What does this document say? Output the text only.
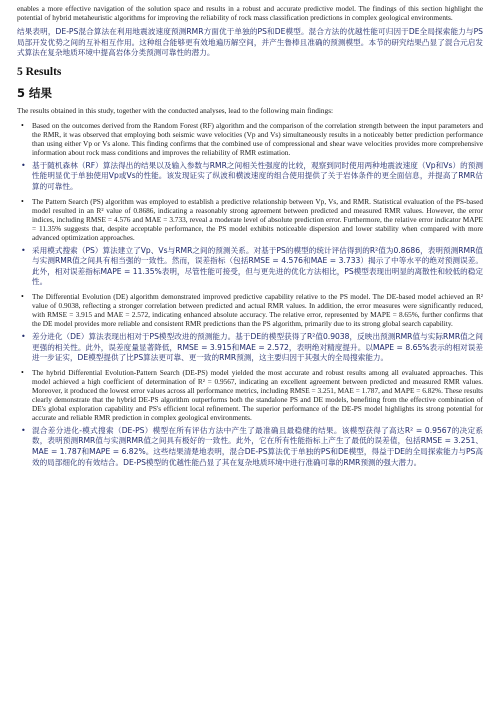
enables a more effective navigation of the solution space and results in a robust and accurate predictive model. The findings of this section highlight the potential of hybrid metaheuristic algorithms for improving the reliability of rock mass classification predictions in complex geological environments.

结果表明，DE-PS混合算法在利用地震波速度预测RMR方面优于单独的PS和DE模型。混合方法的优越性能可归因于DE全局探索能力与PS局部开发优势之间的互补相互作用。这种组合能够更有效地遍历解空间，并产生鲁棒且准确的预测模型。本节的研究结果凸显了混合元启发式算法在复杂地质环境中提高岩体分类预测可靠性的潜力。

5 Results
5 结果

The results obtained in this study, together with the conducted analyses, lead to the following main findings:

• Based on the outcomes derived from the Random Forest (RF) algorithm and the comparison of the correlation strength between the input parameters and the RMR, it was observed that employing both seismic wave velocities (Vp and Vs) simultaneously results in a noticeably better prediction performance than using either Vp or Vs alone. This finding confirms that the combined use of compressional and shear wave velocities provides more comprehensive information about rock mass conditions and improves the reliability of RMR estimation.
• 基于随机森林（RF）算法得出的结果以及输入参数与RMR之间相关性强度的比较，观察到同时使用两种地震波速度（Vp和Vs）的预测性能明显优于单独使用Vp或Vs的性能。该发现证实了纵波和横波速度的组合使用提供了关于岩体条件的更全面信息，并提高了RMR估算的可靠性。
• The Pattern Search (PS) algorithm was employed to establish a predictive relationship between Vp, Vs, and RMR. Statistical evaluation of the PS-based model resulted in an R² value of 0.8686, indicating a reasonably strong agreement between predicted and measured RMR values. However, the error indices, including RMSE = 4.576 and MAE = 3.733, reveal a moderate level of absolute prediction error. Furthermore, the relative error indicator MAPE = 11.35% suggests that, despite acceptable performance, the PS model exhibits noticeable dispersion and lower stability when compared with more advanced optimization approaches.
• 采用模式搜索（PS）算法建立了Vp、Vs与RMR之间的预测关系。对基于PS的模型的统计评估得到的R²值为0.8686，表明预测RMR值与实测RMR值之间具有相当强的一致性。然而，误差指标（包括RMSE = 4.576和MAE = 3.733）揭示了中等水平的绝对预测误差。此外，相对误差指标MAPE = 11.35%表明，尽管性能可接受，但与更先进的优化方法相比，PS模型表现出明显的离散性和较低的稳定性。
• The Differential Evolution (DE) algorithm demonstrated improved predictive capability relative to the PS model. The DE-based model achieved an R² value of 0.9038, reflecting a stronger correlation between predicted and actual RMR values. In addition, the error measures were significantly reduced, with RMSE = 3.915 and MAE = 2.572, indicating enhanced absolute accuracy. The relative error, represented by MAPE = 8.65%, further confirms that the DE model provides more reliable and consistent RMR predictions than the PS algorithm, primarily due to its strong global search capability.
• 差分进化（DE）算法表现出相对于PS模型改进的预测能力。基于DE的模型获得了R²值0.9038，反映出预测RMR值与实际RMR值之间更强的相关性。此外，误差度量显著降低，RMSE = 3.915和MAE = 2.572，表明绝对精度提升。以MAPE = 8.65%表示的相对误差进一步证实，DE模型提供了比PS算法更可靠、更一致的RMR预测，这主要归因于其强大的全局搜索能力。
• The hybrid Differential Evolution-Pattern Search (DE-PS) model yielded the most accurate and robust results among all evaluated approaches. This model achieved a high coefficient of determination of R² = 0.9567, indicating an excellent agreement between predicted and measured RMR values. Moreover, it produced the lowest error values across all performance metrics, including RMSE = 3.251, MAE = 1.787, and MAPE = 6.82%. These results clearly demonstrate that the hybrid DE-PS algorithm outperforms both the standalone PS and DE models, benefiting from the effective combination of DE's global exploration capability and PS's efficient local refinement. The superior performance of the DE-PS model highlights its strong potential for accurate and reliable RMR prediction in complex geological environments.
• 混合差分进化-模式搜索（DE-PS）模型在所有评估方法中产生了最准确且最稳健的结果。该模型获得了高达R² = 0.9567的决定系数，表明预测RMR值与实测RMR值之间具有极好的一致性。此外，它在所有性能指标上产生了最低的误差值，包括RMSE = 3.251、MAE = 1.787和MAPE = 6.82%。这些结果清楚地表明，混合DE-PS算法优于单独的PS和DE模型，得益于DE的全局探索能力与PS高效的局部细化的有效结合。DE-PS模型的优越性能凸显了其在复杂地质环境中进行准确可靠的RMR预测的强大潜力。
